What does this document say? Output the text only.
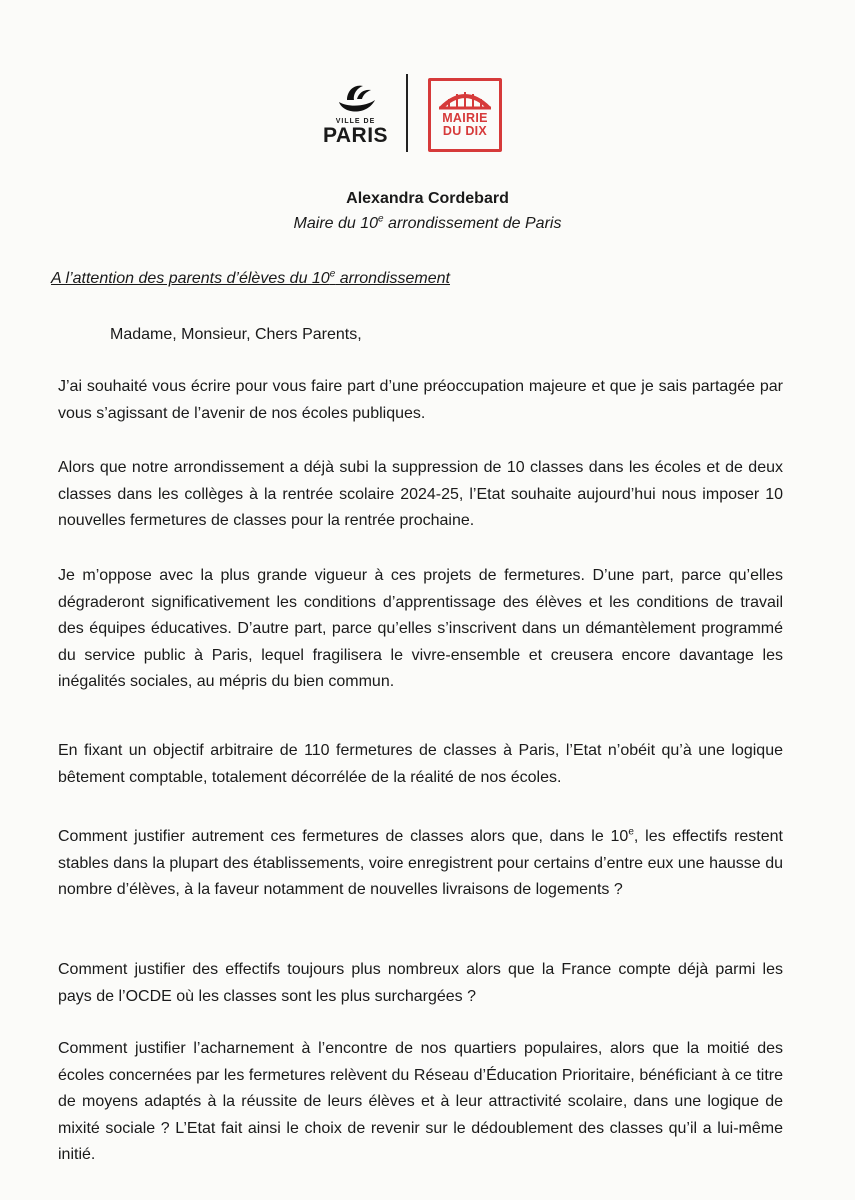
VILLE DE
PARIS
MAIRIE
DU DIX
Alexandra Cordebard
Maire du 10e arrondissement de Paris
A l’attention des parents d’élèves du 10e arrondissement
Madame, Monsieur, Chers Parents,
J’ai souhaité vous écrire pour vous faire part d’une préoccupation majeure et que je sais partagée par vous s’agissant de l’avenir de nos écoles publiques.
Alors que notre arrondissement a déjà subi la suppression de 10 classes dans les écoles et de deux classes dans les collèges à la rentrée scolaire 2024-25, l’Etat souhaite aujourd’hui nous imposer 10 nouvelles fermetures de classes pour la rentrée prochaine.
Je m’oppose avec la plus grande vigueur à ces projets de fermetures. D’une part, parce qu’elles dégraderont significativement les conditions d’apprentissage des élèves et les conditions de travail des équipes éducatives. D’autre part, parce qu’elles s’inscrivent dans un démantèlement programmé du service public à Paris, lequel fragilisera le vivre-ensemble et creusera encore davantage les inégalités sociales, au mépris du bien commun.
En fixant un objectif arbitraire de 110 fermetures de classes à Paris, l’Etat n’obéit qu’à une logique bêtement comptable, totalement décorrélée de la réalité de nos écoles.
Comment justifier autrement ces fermetures de classes alors que, dans le 10e, les effectifs restent stables dans la plupart des établissements, voire enregistrent pour certains d’entre eux une hausse du nombre d’élèves, à la faveur notamment de nouvelles livraisons de logements ?
Comment justifier des effectifs toujours plus nombreux alors que la France compte déjà parmi les pays de l’OCDE où les classes sont les plus surchargées ?
Comment justifier l’acharnement à l’encontre de nos quartiers populaires, alors que la moitié des écoles concernées par les fermetures relèvent du Réseau d’Éducation Prioritaire, bénéficiant à ce titre de moyens adaptés à la réussite de leurs élèves et à leur attractivité scolaire, dans une logique de mixité sociale ? L’Etat fait ainsi le choix de revenir sur le dédoublement des classes qu’il a lui-même initié.
